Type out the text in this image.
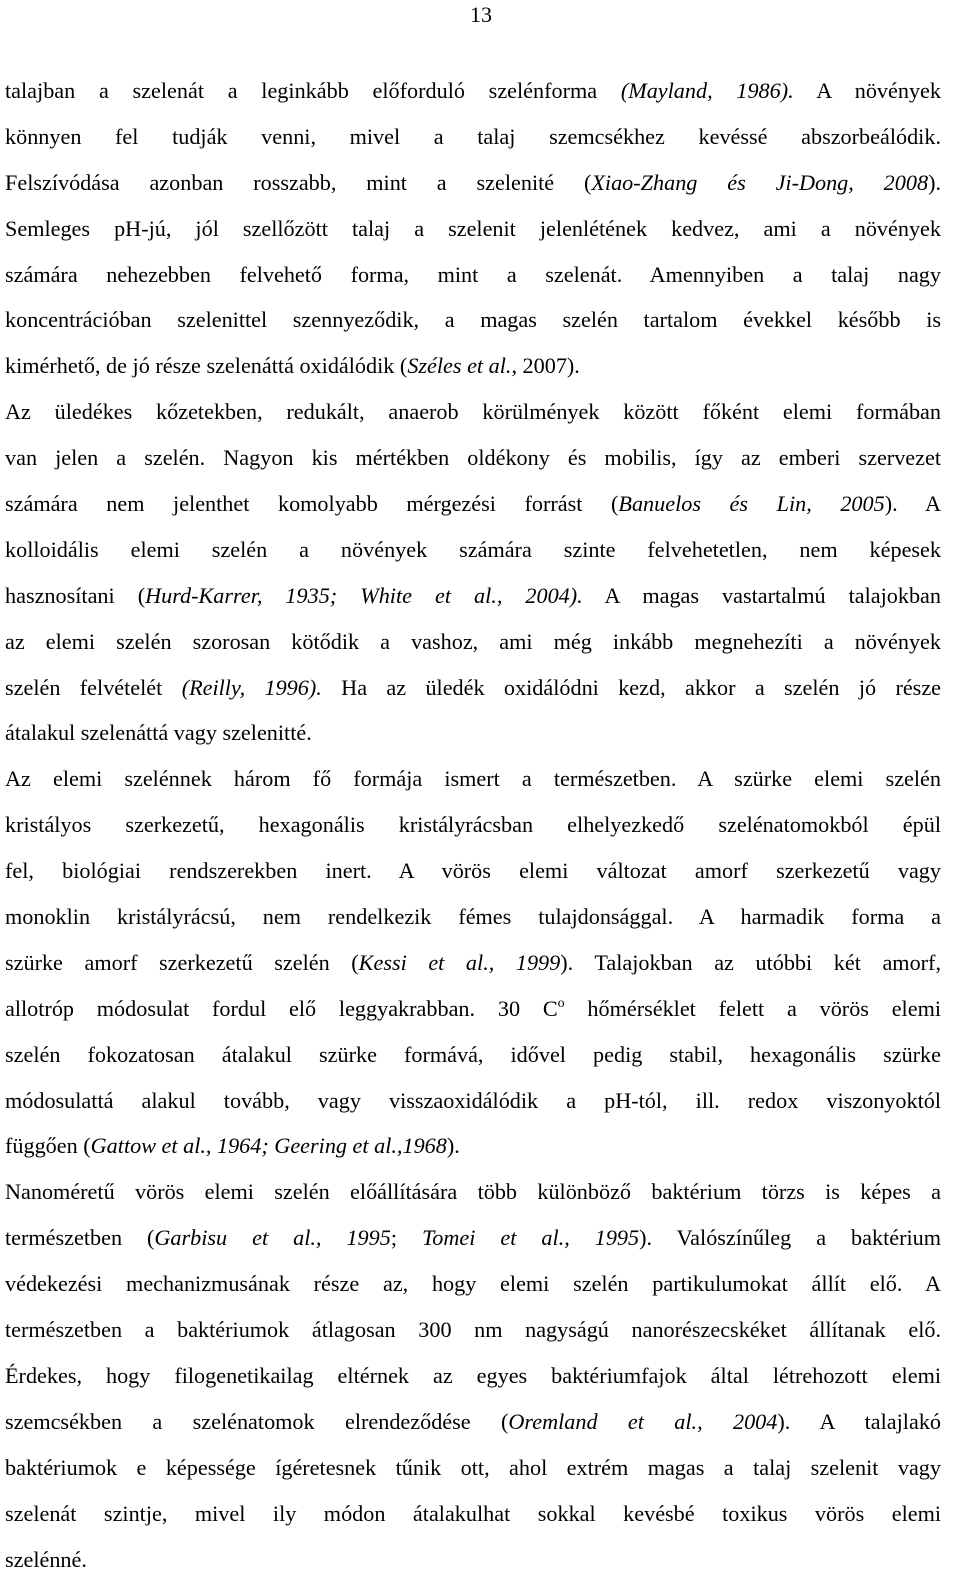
13
talajban a szelenát a leginkább előforduló szelénforma (Mayland, 1986). A növények
könnyen fel tudják venni, mivel a talaj szemcsékhez kevéssé abszorbeálódik.
Felszívódása azonban rosszabb, mint a szelenité (Xiao-Zhang és Ji-Dong, 2008).
Semleges pH-jú, jól szellőzött talaj a szelenit jelenlétének kedvez, ami a növények
számára nehezebben felvehető forma, mint a szelenát. Amennyiben a talaj nagy
koncentrációban szelenittel szennyeződik, a magas szelén tartalom évekkel később is
kimérhető, de jó része szelenáttá oxidálódik (Széles et al., 2007).
Az üledékes kőzetekben, redukált, anaerob körülmények között főként elemi formában
van jelen a szelén. Nagyon kis mértékben oldékony és mobilis, így az emberi szervezet
számára nem jelenthet komolyabb mérgezési forrást (Banuelos és Lin, 2005). A
kolloidális elemi szelén a növények számára szinte felvehetetlen, nem képesek
hasznosítani (Hurd-Karrer, 1935; White et al., 2004). A magas vastartalmú talajokban
az elemi szelén szorosan kötődik a vashoz, ami még inkább megnehezíti a növények
szelén felvételét (Reilly, 1996). Ha az üledék oxidálódni kezd, akkor a szelén jó része
átalakul szelenáttá vagy szelenitté.
Az elemi szelénnek három fő formája ismert a természetben. A szürke elemi szelén
kristályos szerkezetű, hexagonális kristályrácsban elhelyezkedő szelénatomokból épül
fel, biológiai rendszerekben inert. A vörös elemi változat amorf szerkezetű vagy
monoklin kristályrácsú, nem rendelkezik fémes tulajdonsággal. A harmadik forma a
szürke amorf szerkezetű szelén (Kessi et al., 1999). Talajokban az utóbbi két amorf,
allotróp módosulat fordul elő leggyakrabban. 30 $C^o$ hőmérséklet felett a vörös elemi
szelén fokozatosan átalakul szürke formává, idővel pedig stabil, hexagonális szürke
módosulattá alakul tovább, vagy visszaoxidálódik a pH-tól, ill. redox viszonyoktól
függően (Gattow et al., 1964; Geering et al.,1968).
Nanoméretű vörös elemi szelén előállítására több különböző baktérium törzs is képes a
természetben (Garbisu et al., 1995; Tomei et al., 1995). Valószínűleg a baktérium
védekezési mechanizmusának része az, hogy elemi szelén partikulumokat állít elő. A
természetben a baktériumok átlagosan 300 nm nagyságú nanorészecskéket állítanak elő.
Érdekes, hogy filogenetikailag eltérnek az egyes baktériumfajok által létrehozott elemi
szemcsékben a szelénatomok elrendeződése (Oremland et al., 2004). A talajlakó
baktériumok e képessége ígéretesnek tűnik ott, ahol extrém magas a talaj szelenit vagy
szelenát szintje, mivel ily módon átalakulhat sokkal kevésbé toxikus vörös elemi
szelénné.
